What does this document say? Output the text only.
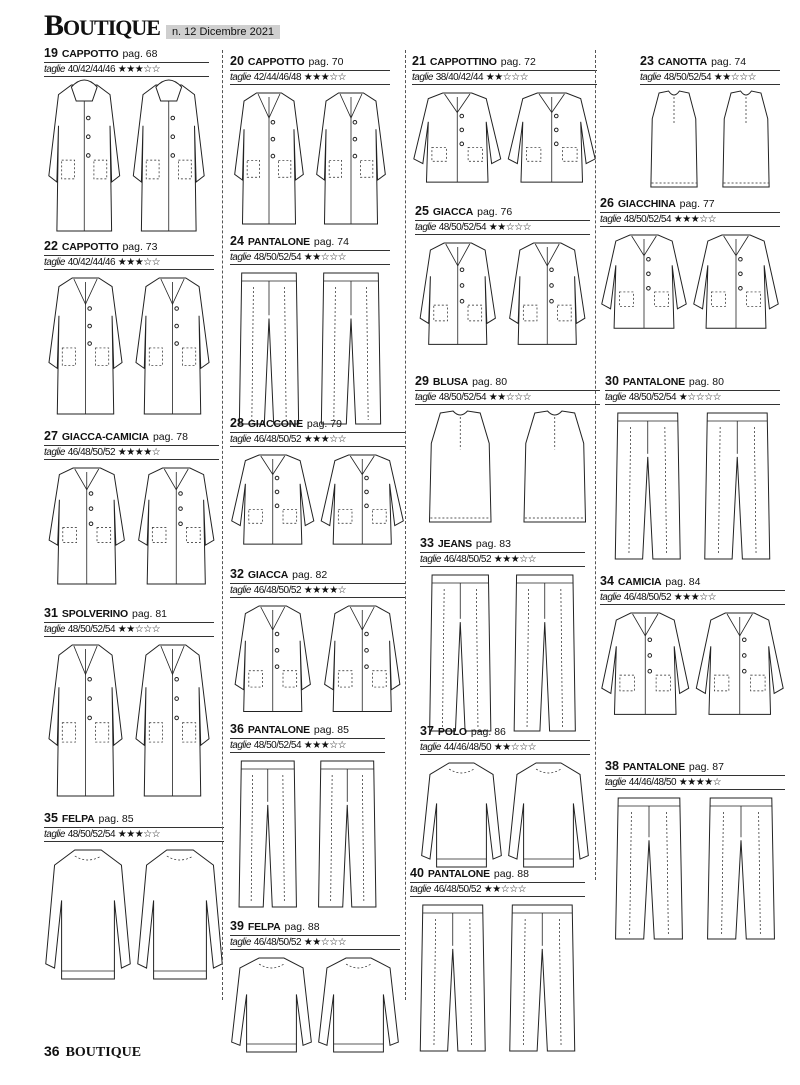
BOUTIQUE	n. 12 Dicembre 2021
19 CAPPOTTO pag. 68
taglie 40/42/44/46 ★★★☆☆
20 CAPPOTTO pag. 70
taglie 42/44/46/48 ★★★☆☆
21 CAPPOTTINO pag. 72
taglie 38/40/42/44 ★★☆☆☆
23 CANOTTA pag. 74
taglie 48/50/52/54 ★★☆☆☆
22 CAPPOTTO pag. 73
taglie 40/42/44/46 ★★★☆☆
24 PANTALONE pag. 74
taglie 48/50/52/54 ★★☆☆☆
25 GIACCA pag. 76
taglie 48/50/52/54 ★★☆☆☆
26 GIACCHINA pag. 77
taglie 48/50/52/54 ★★★☆☆
27 GIACCA-CAMICIA pag. 78
taglie 46/48/50/52 ★★★★☆
28 GIACCONE pag. 79
taglie 46/48/50/52 ★★★☆☆
29 BLUSA pag. 80
taglie 48/50/52/54 ★★☆☆☆
30 PANTALONE pag. 80
taglie 48/50/52/54 ★☆☆☆☆
33 JEANS pag. 83
taglie 46/48/50/52 ★★★☆☆
34 CAMICIA pag. 84
taglie 46/48/50/52 ★★★☆☆
31 SPOLVERINO pag. 81
taglie 48/50/52/54 ★★☆☆☆
32 GIACCA pag. 82
taglie 46/48/50/52 ★★★★☆
36 PANTALONE pag. 85
taglie 48/50/52/54 ★★★☆☆
37 POLO pag. 86
taglie 44/46/48/50 ★★☆☆☆
38 PANTALONE pag. 87
taglie 44/46/48/50 ★★★★☆
35 FELPA pag. 85
taglie 48/50/52/54 ★★★☆☆
40 PANTALONE pag. 88
taglie 46/48/50/52 ★★☆☆☆
39 FELPA pag. 88
taglie 46/48/50/52 ★★☆☆☆
36 BOUTIQUE
